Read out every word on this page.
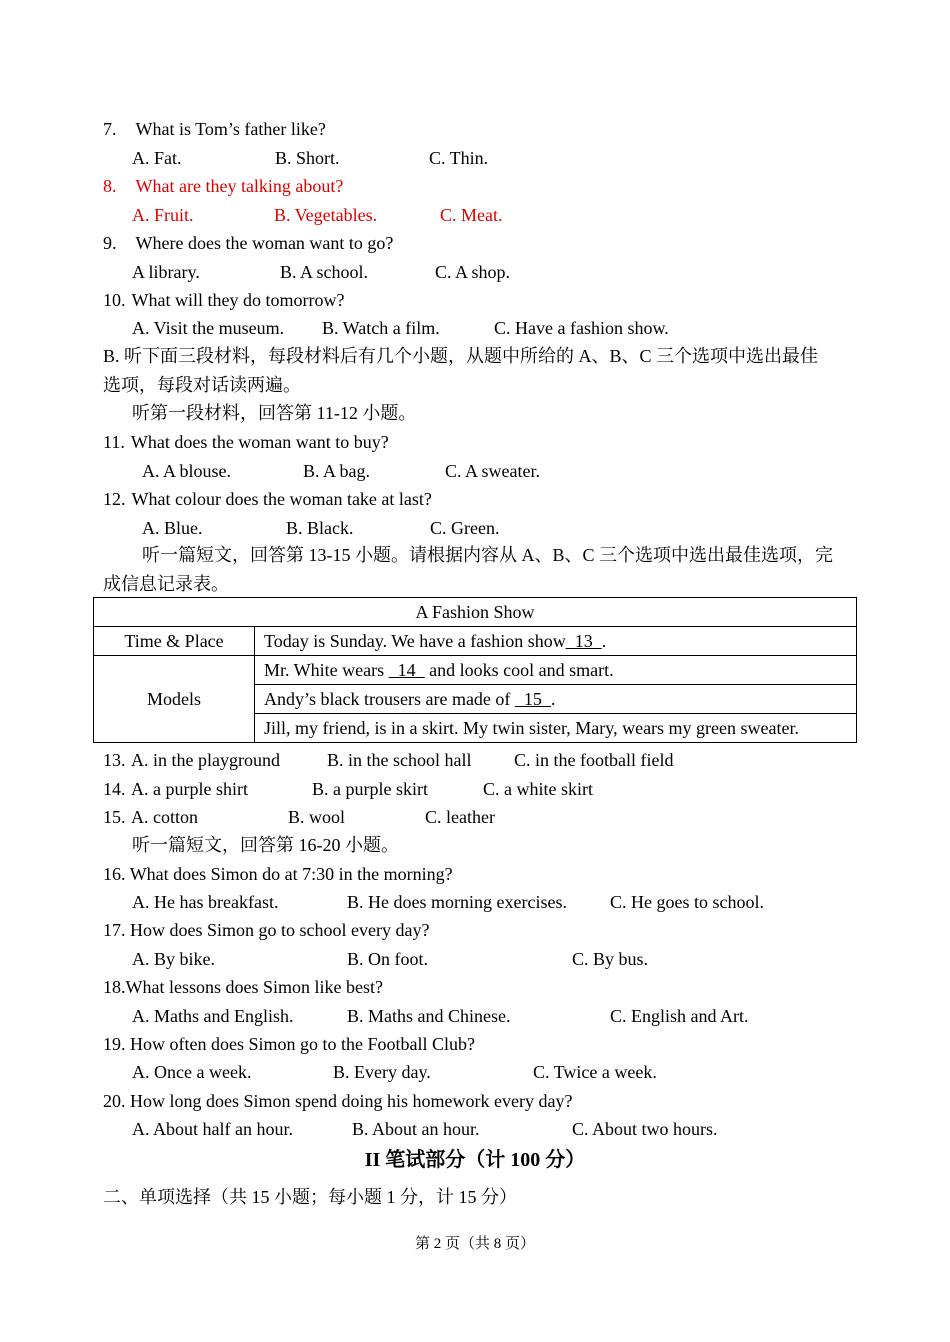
7. What is Tom’s father like?
A. Fat.	B. Short.	C. Thin.
8. What are they talking about?
A. Fruit.	B. Vegetables.	C. Meat.
9. Where does the woman want to go?
A library.	B. A school.	C. A shop.
10. What will they do tomorrow?
A. Visit the museum. B. Watch a film.	C. Have a fashion show.
B. 听下面三段材料，每段材料后有几个小题，从题中所给的 A、B、C 三个选项中选出最佳
选项，每段对话读两遍。
听第一段材料，回答第 11-12 小题。
11. What does the woman want to buy?
A. A blouse.	B. A bag.	C. A sweater.
12. What colour does the woman take at last?
A. Blue.	B. Black.	C. Green.
听一篇短文，回答第 13-15 小题。请根据内容从 A、B、C 三个选项中选出最佳选项，完
成信息记录表。
A Fashion Show	
Time & Place	Today is Sunday. We have a fashion show  13  .
Models	Mr. White wears   14   and looks cool and smart.
	Andy’s black trousers are made of   15  .
	Jill, my friend, is in a skirt. My twin sister, Mary, wears my green sweater.
13. A. in the playground	B. in the school hall C. in the football field
14. A. a purple shirt	B. a purple skirt	C. a white skirt
15. A. cotton	B. wool	C. leather
听一篇短文，回答第 16-20 小题。
16. What does Simon do at 7:30 in the morning?
A. He has breakfast.	B. He does morning exercises. C. He goes to school.
17. How does Simon go to school every day?
A. By bike.	B. On foot.	C. By bus.
18.What lessons does Simon like best?
A. Maths and English.	B. Maths and Chinese.	C. English and Art.
19. How often does Simon go to the Football Club?
A. Once a week.	B. Every day.	C. Twice a week.
20. How long does Simon spend doing his homework every day?
A. About half an hour.	B. About an hour.	C. About two hours.
II 笔试部分（计 100 分）
二、单项选择（共 15 小题；每小题 1 分，计 15 分）
第 2 页（共 8 页）
